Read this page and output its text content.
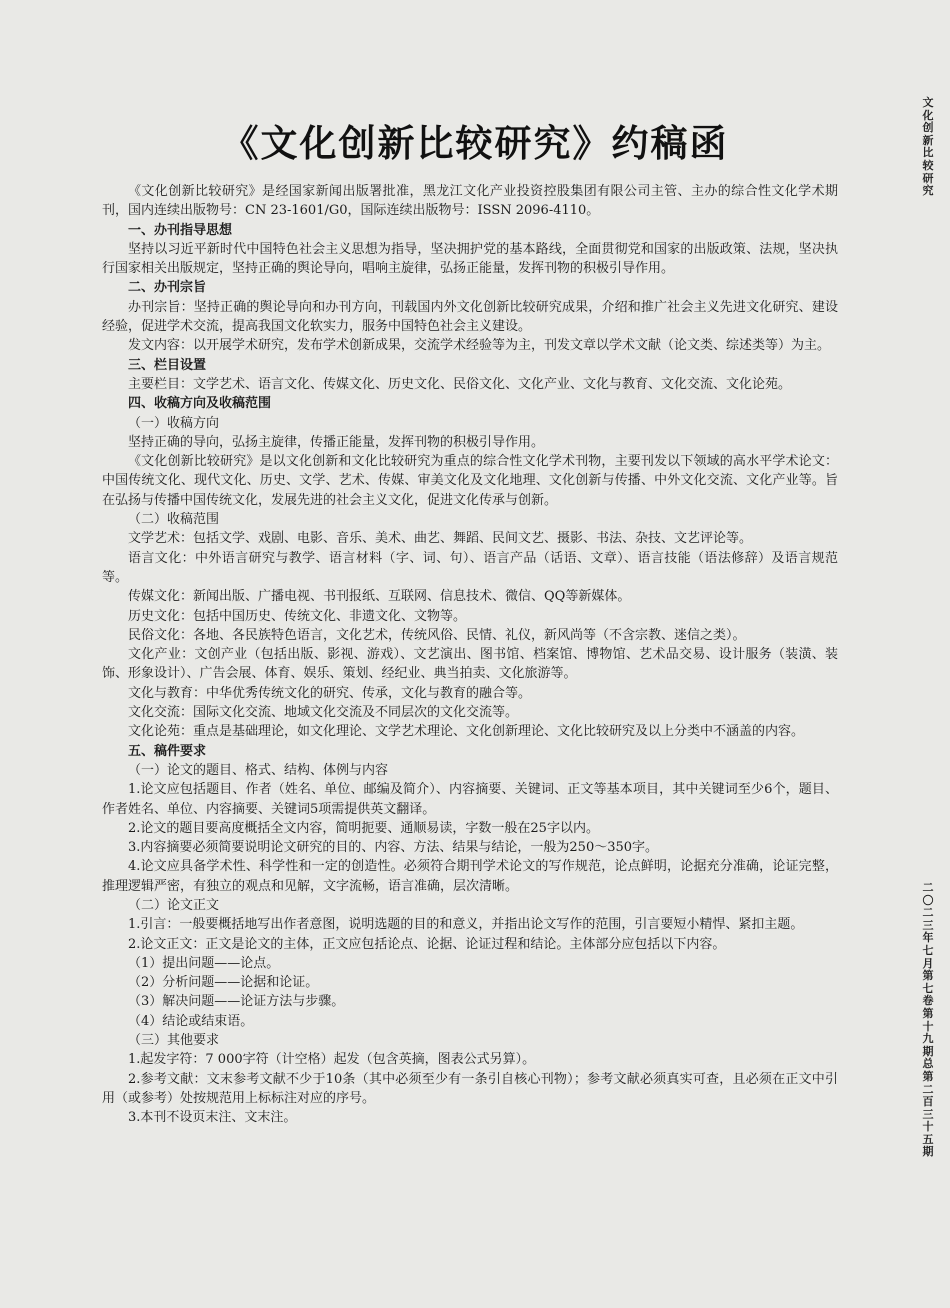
《文化创新比较研究》约稿函
文化创新比较研究
二〇二三年七月 第七卷 第十九期 总第二百三十五期

《文化创新比较研究》是经国家新闻出版署批准，黑龙江文化产业投资控股集团有限公司主管、主办的综合性文化学术期刊，国内连续出版物号：CN 23-1601/G0，国际连续出版物号：ISSN 2096-4110。

一、办刊指导思想

坚持以习近平新时代中国特色社会主义思想为指导，坚决拥护党的基本路线，全面贯彻党和国家的出版政策、法规，坚决执行国家相关出版规定，坚持正确的舆论导向，唱响主旋律，弘扬正能量，发挥刊物的积极引导作用。

二、办刊宗旨

办刊宗旨：坚持正确的舆论导向和办刊方向，刊载国内外文化创新比较研究成果，介绍和推广社会主义先进文化研究、建设经验，促进学术交流，提高我国文化软实力，服务中国特色社会主义建设。

发文内容：以开展学术研究，发布学术创新成果，交流学术经验等为主，刊发文章以学术文献（论文类、综述类等）为主。

三、栏目设置

主要栏目：文学艺术、语言文化、传媒文化、历史文化、民俗文化、文化产业、文化与教育、文化交流、文化论苑。

四、收稿方向及收稿范围

（一）收稿方向

坚持正确的导向，弘扬主旋律，传播正能量，发挥刊物的积极引导作用。

《文化创新比较研究》是以文化创新和文化比较研究为重点的综合性文化学术刊物，主要刊发以下领域的高水平学术论文：中国传统文化、现代文化、历史、文学、艺术、传媒、审美文化及文化地理、文化创新与传播、中外文化交流、文化产业等。旨在弘扬与传播中国传统文化，发展先进的社会主义文化，促进文化传承与创新。

（二）收稿范围

文学艺术：包括文学、戏剧、电影、音乐、美术、曲艺、舞蹈、民间文艺、摄影、书法、杂技、文艺评论等。

语言文化：中外语言研究与教学、语言材料（字、词、句）、语言产品（话语、文章）、语言技能（语法修辞）及语言规范等。

传媒文化：新闻出版、广播电视、书刊报纸、互联网、信息技术、微信、QQ等新媒体。

历史文化：包括中国历史、传统文化、非遗文化、文物等。

民俗文化：各地、各民族特色语言，文化艺术，传统风俗、民情、礼仪，新风尚等（不含宗教、迷信之类）。

文化产业：文创产业（包括出版、影视、游戏）、文艺演出、图书馆、档案馆、博物馆、艺术品交易、设计服务（装潢、装饰、形象设计）、广告会展、体育、娱乐、策划、经纪业、典当拍卖、文化旅游等。

文化与教育：中华优秀传统文化的研究、传承，文化与教育的融合等。

文化交流：国际文化交流、地域文化交流及不同层次的文化交流等。

文化论苑：重点是基础理论，如文化理论、文学艺术理论、文化创新理论、文化比较研究及以上分类中不涵盖的内容。

五、稿件要求

（一）论文的题目、格式、结构、体例与内容

1.论文应包括题目、作者（姓名、单位、邮编及简介）、内容摘要、关键词、正文等基本项目，其中关键词至少6个，题目、作者姓名、单位、内容摘要、关键词5项需提供英文翻译。

2.论文的题目要高度概括全文内容，简明扼要、通顺易读，字数一般在25字以内。

3.内容摘要必须简要说明论文研究的目的、内容、方法、结果与结论，一般为250～350字。

4.论文应具备学术性、科学性和一定的创造性。必须符合期刊学术论文的写作规范，论点鲜明，论据充分准确，论证完整，推理逻辑严密，有独立的观点和见解，文字流畅，语言准确，层次清晰。

（二）论文正文

1.引言：一般要概括地写出作者意图，说明选题的目的和意义，并指出论文写作的范围，引言要短小精悍、紧扣主题。

2.论文正文：正文是论文的主体，正文应包括论点、论据、论证过程和结论。主体部分应包括以下内容。

（1）提出问题——论点。

（2）分析问题——论据和论证。

（3）解决问题——论证方法与步骤。

（4）结论或结束语。

（三）其他要求

1.起发字符：7 000字符（计空格）起发（包含英摘，图表公式另算）。

2.参考文献：文末参考文献不少于10条（其中必须至少有一条引自核心刊物）；参考文献必须真实可查，且必须在正文中引用（或参考）处按规范用上标标注对应的序号。

3.本刊不设页末注、文末注。
